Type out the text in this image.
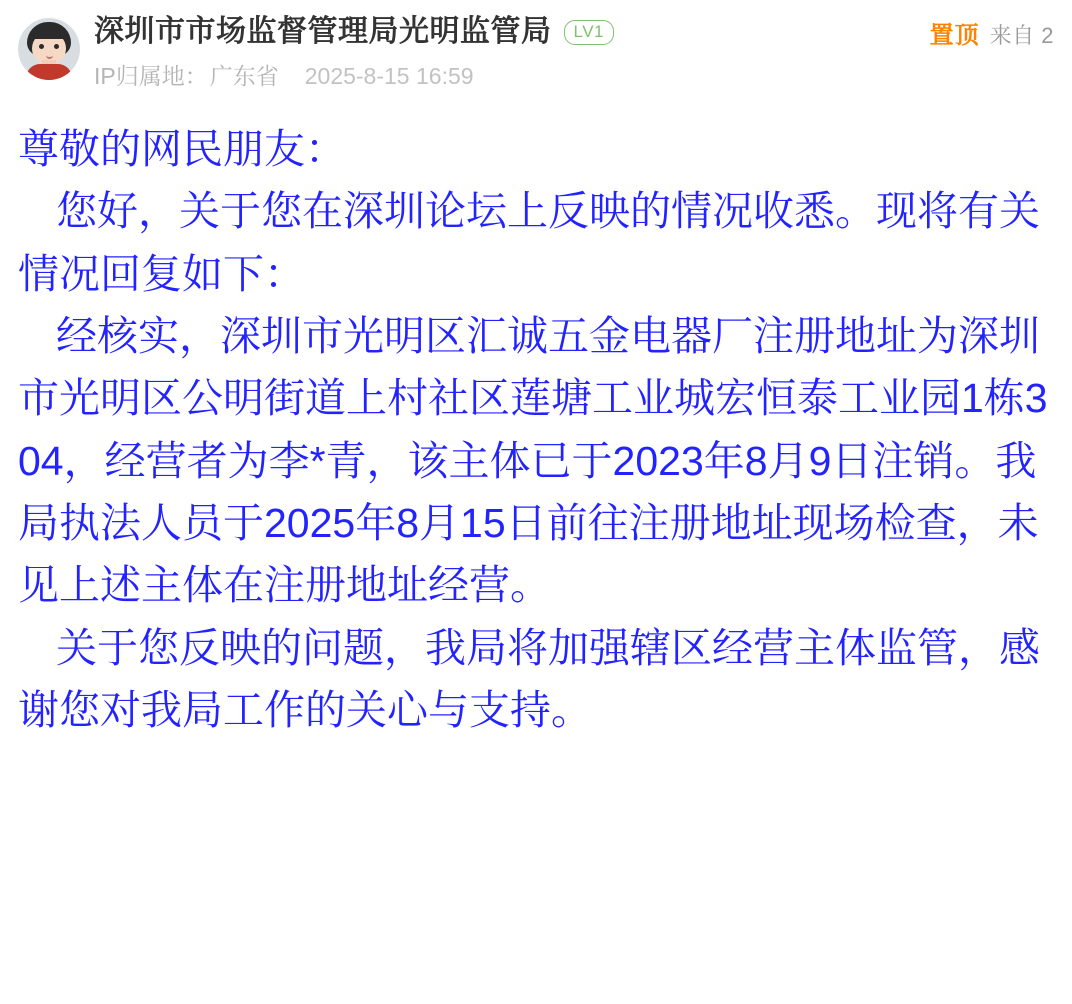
深圳市市场监督管理局光明监管局	LV1	置顶 来自 2
IP归属地： 广东省 2025-8-15 16:59

尊敬的网民朋友：

您好，关于您在深圳论坛上反映的情况收悉。现将有关情况回复如下：

经核实，深圳市光明区汇诚五金电器厂注册地址为深圳市光明区公明街道上村社区莲塘工业城宏恒泰工业园1栋304，经营者为李*青，该主体已于2023年8月9日注销。我局执法人员于2025年8月15日前往注册地址现场检查，未见上述主体在注册地址经营。

关于您反映的问题，我局将加强辖区经营主体监管，感谢您对我局工作的关心与支持。
